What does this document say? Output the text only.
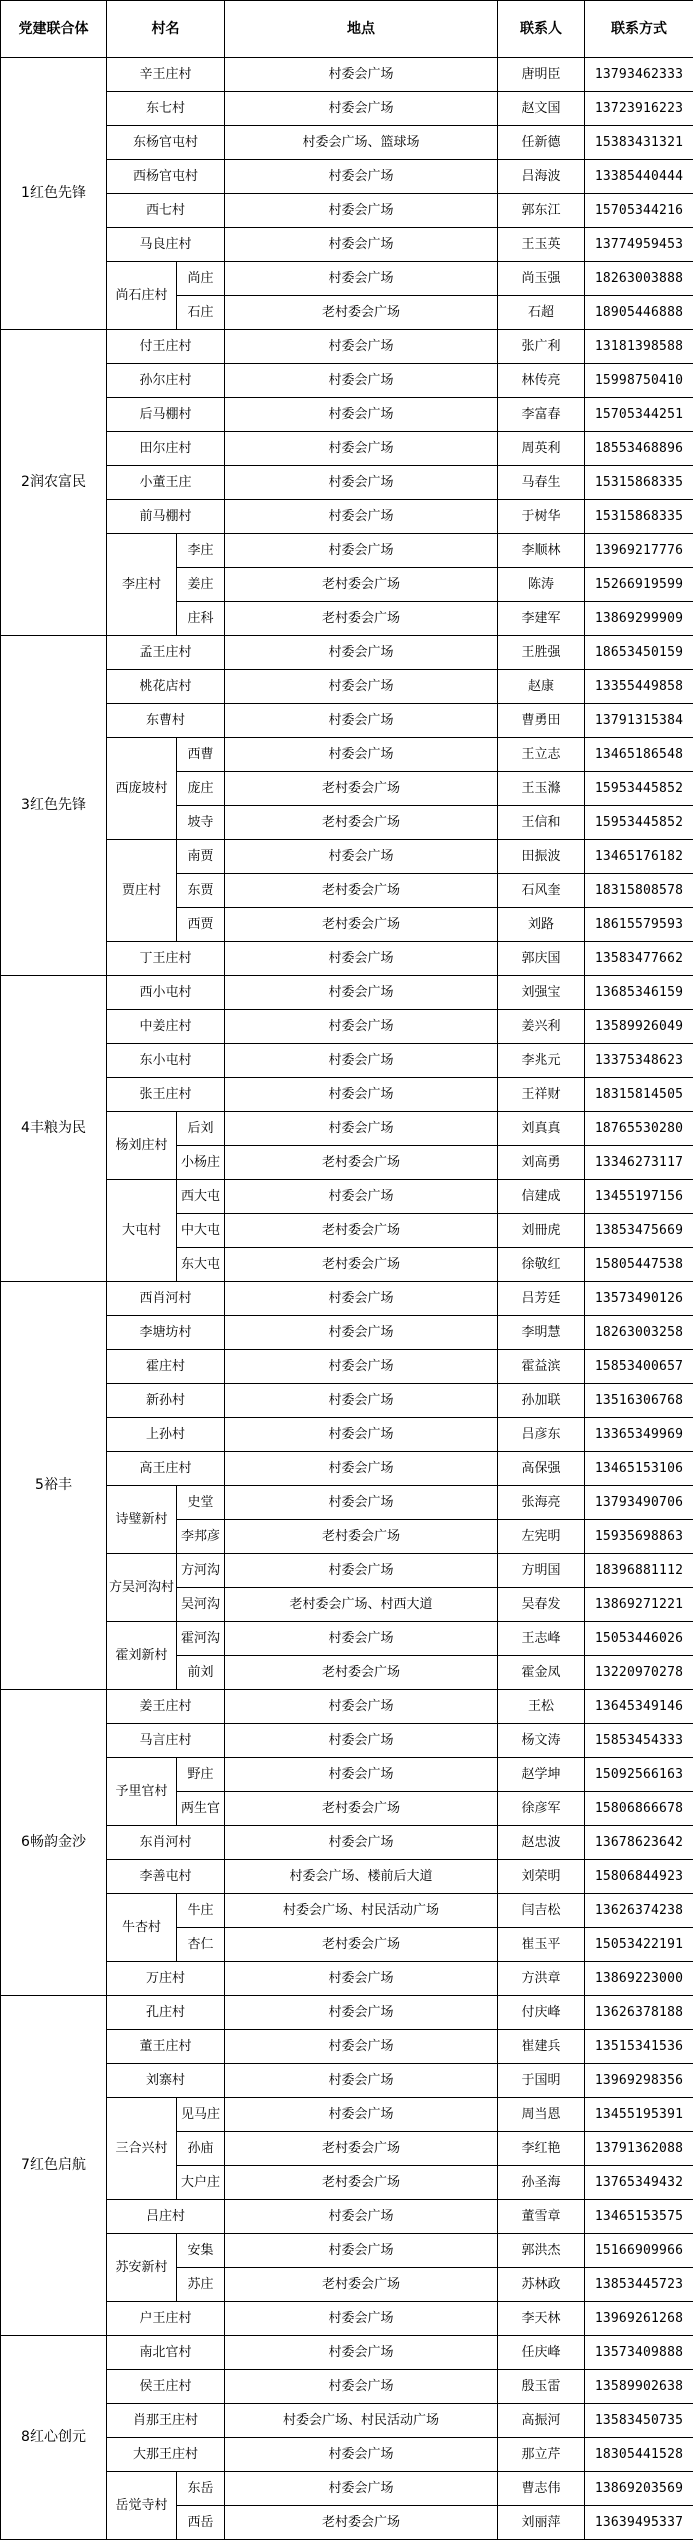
党建联合体	村名		地点	联系人	联系方式
1红色先锋	辛王庄村		村委会广场	唐明臣	13793462333
	东七村		村委会广场	赵文国	13723916223
	东杨官屯村		村委会广场、篮球场	任新德	15383431321
	西杨官屯村		村委会广场	吕海波	13385440444
	西七村		村委会广场	郭东江	15705344216
	马良庄村		村委会广场	王玉英	13774959453
	尚石庄村	尚庄	村委会广场	尚玉强	18263003888
		石庄	老村委会广场	石超	18905446888
2润农富民	付王庄村		村委会广场	张广利	13181398588
	孙尔庄村		村委会广场	林传亮	15998750410
	后马棚村		村委会广场	李富春	15705344251
	田尔庄村		村委会广场	周英利	18553468896
	小董王庄		村委会广场	马春生	15315868335
	前马棚村		村委会广场	于树华	15315868335
	李庄村	李庄	村委会广场	李顺林	13969217776
		姜庄	老村委会广场	陈涛	15266919599
		庄科	老村委会广场	李建军	13869299909
3红色先锋	孟王庄村		村委会广场	王胜强	18653450159
	桃花店村		村委会广场	赵康	13355449858
	东曹村		村委会广场	曹勇田	13791315384
	西庞坡村	西曹	村委会广场	王立志	13465186548
		庞庄	老村委会广场	王玉滌	15953445852
		坡寺	老村委会广场	王信和	15953445852
	贾庄村	南贾	村委会广场	田振波	13465176182
		东贾	老村委会广场	石风奎	18315808578
		西贾	老村委会广场	刘路	18615579593
	丁王庄村		村委会广场	郭庆国	13583477662
4丰粮为民	西小屯村		村委会广场	刘强宝	13685346159
	中姜庄村		村委会广场	姜兴利	13589926049
	东小屯村		村委会广场	李兆元	13375348623
	张王庄村		村委会广场	王祥财	18315814505
	杨刘庄村	后刘	村委会广场	刘真真	18765530280
		小杨庄	老村委会广场	刘高勇	13346273117
	大屯村	西大屯	村委会广场	信建成	13455197156
		中大屯	老村委会广场	刘冊虎	13853475669
		东大屯	老村委会广场	徐敬红	15805447538
5裕丰	西肖河村		村委会广场	吕芳廷	13573490126
	李塘坊村		村委会广场	李明慧	18263003258
	霍庄村		村委会广场	霍益滨	15853400657
	新孙村		村委会广场	孙加联	13516306768
	上孙村		村委会广场	吕彦东	13365349969
	高王庄村		村委会广场	高保强	13465153106
	诗璧新村	史堂	村委会广场	张海亮	13793490706
		李邦彦	老村委会广场	左宪明	15935698863
	方吴河沟村	方河沟	村委会广场	方明国	18396881112
		吴河沟	老村委会广场、村西大道	吴春发	13869271221
	霍刘新村	霍河沟	村委会广场	王志峰	15053446026
		前刘	老村委会广场	霍金凤	13220970278
6畅韵金沙	姜王庄村		村委会广场	王松	13645349146
	马言庄村		村委会广场	杨文涛	15853454333
	予里官村	野庄	村委会广场	赵学坤	15092566163
		两生官	老村委会广场	徐彦军	15806866678
	东肖河村		村委会广场	赵忠波	13678623642
	李善屯村		村委会广场、楼前后大道	刘荣明	15806844923
	牛杏村	牛庄	村委会广场、村民活动广场	闫吉松	13626374238
		杏仁	老村委会广场	崔玉平	15053422191
	万庄村		村委会广场	方洪章	13869223000
7红色启航	孔庄村		村委会广场	付庆峰	13626378188
	董王庄村		村委会广场	崔建兵	13515341536
	刘寨村		村委会广场	于国明	13969298356
	三合兴村	见马庄	村委会广场	周当恩	13455195391
		孙庙	老村委会广场	李红艳	13791362088
		大户庄	老村委会广场	孙圣海	13765349432
	吕庄村		村委会广场	董雪章	13465153575
	苏安新村	安集	村委会广场	郭洪杰	15166909966
		苏庄	老村委会广场	苏林政	13853445723
	户王庄村		村委会广场	李天林	13969261268
8红心创元	南北官村		村委会广场	任庆峰	13573409888
	侯王庄村		村委会广场	殷玉雷	13589902638
	肖那王庄村		村委会广场、村民活动广场	高振河	13583450735
	大那王庄村		村委会广场	那立芹	18305441528
	岳觉寺村	东岳	村委会广场	曹志伟	13869203569
		西岳	老村委会广场	刘丽萍	13639495337
